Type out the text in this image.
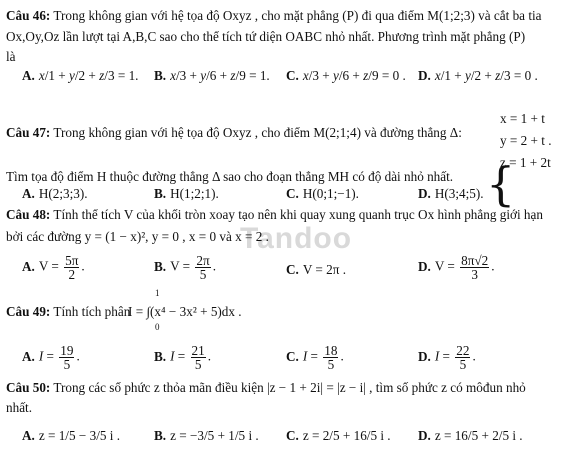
Tandoo
Câu 46: Trong không gian với hệ tọa độ Oxyz , cho mặt phẳng (P) đi qua điểm M(1;2;3) và cắt ba tia
Ox,Oy,Oz lần lượt tại A,B,C sao cho thể tích tứ diện OABC nhỏ nhất. Phương trình mặt phẳng (P)
là
A. x/1 + y/2 + z/3 = 1. B. x/3 + y/6 + z/9 = 1. C. x/3 + y/6 + z/9 = 0 . D. x/1 + y/2 + z/3 = 0 .
Câu 47: Trong không gian với hệ tọa độ Oxyz , cho điểm M(2;1;4) và đường thẳng Δ:
{
x = 1 + t
y = 2 + t .
z = 1 + 2t
Tìm tọa độ điểm H thuộc đường thẳng Δ sao cho đoạn thẳng MH có độ dài nhỏ nhất.
A. H(2;3;3).	B. H(1;2;1).	C. H(0;1;−1).	D. H(3;4;5).
Câu 48: Tính thể tích V của khối tròn xoay tạo nên khi quay xung quanh trục Ox hình phẳng giới hạn
bởi các đường y = (1 − x)², y = 0 , x = 0 và x = 2 .
A. $V = \frac{5\pi}{2}$ .	B. $V = \frac{2\pi}{5}$ .	C. V = 2π .	D. $V = \frac{8\pi√2}{3}$ .
Câu 49: Tính tích phân
1
0
I = ∫(x⁴ − 3x² + 5)dx .
A. $I = \frac{19}{5}$ .	B. $I = \frac{21}{5}$ .	C. $I = \frac{18}{5}$ .	D. $I = \frac{22}{5}$ .
Câu 50: Trong các số phức z thỏa mãn điều kiện |z − 1 + 2i| = |z − i| , tìm số phức z có môđun nhỏ
nhất.
A. z = 1/5 − 3/5 i .	B. z = −3/5 + 1/5 i . C. z = 2/5 + 16/5 i . D. z = 16/5 + 2/5 i .
